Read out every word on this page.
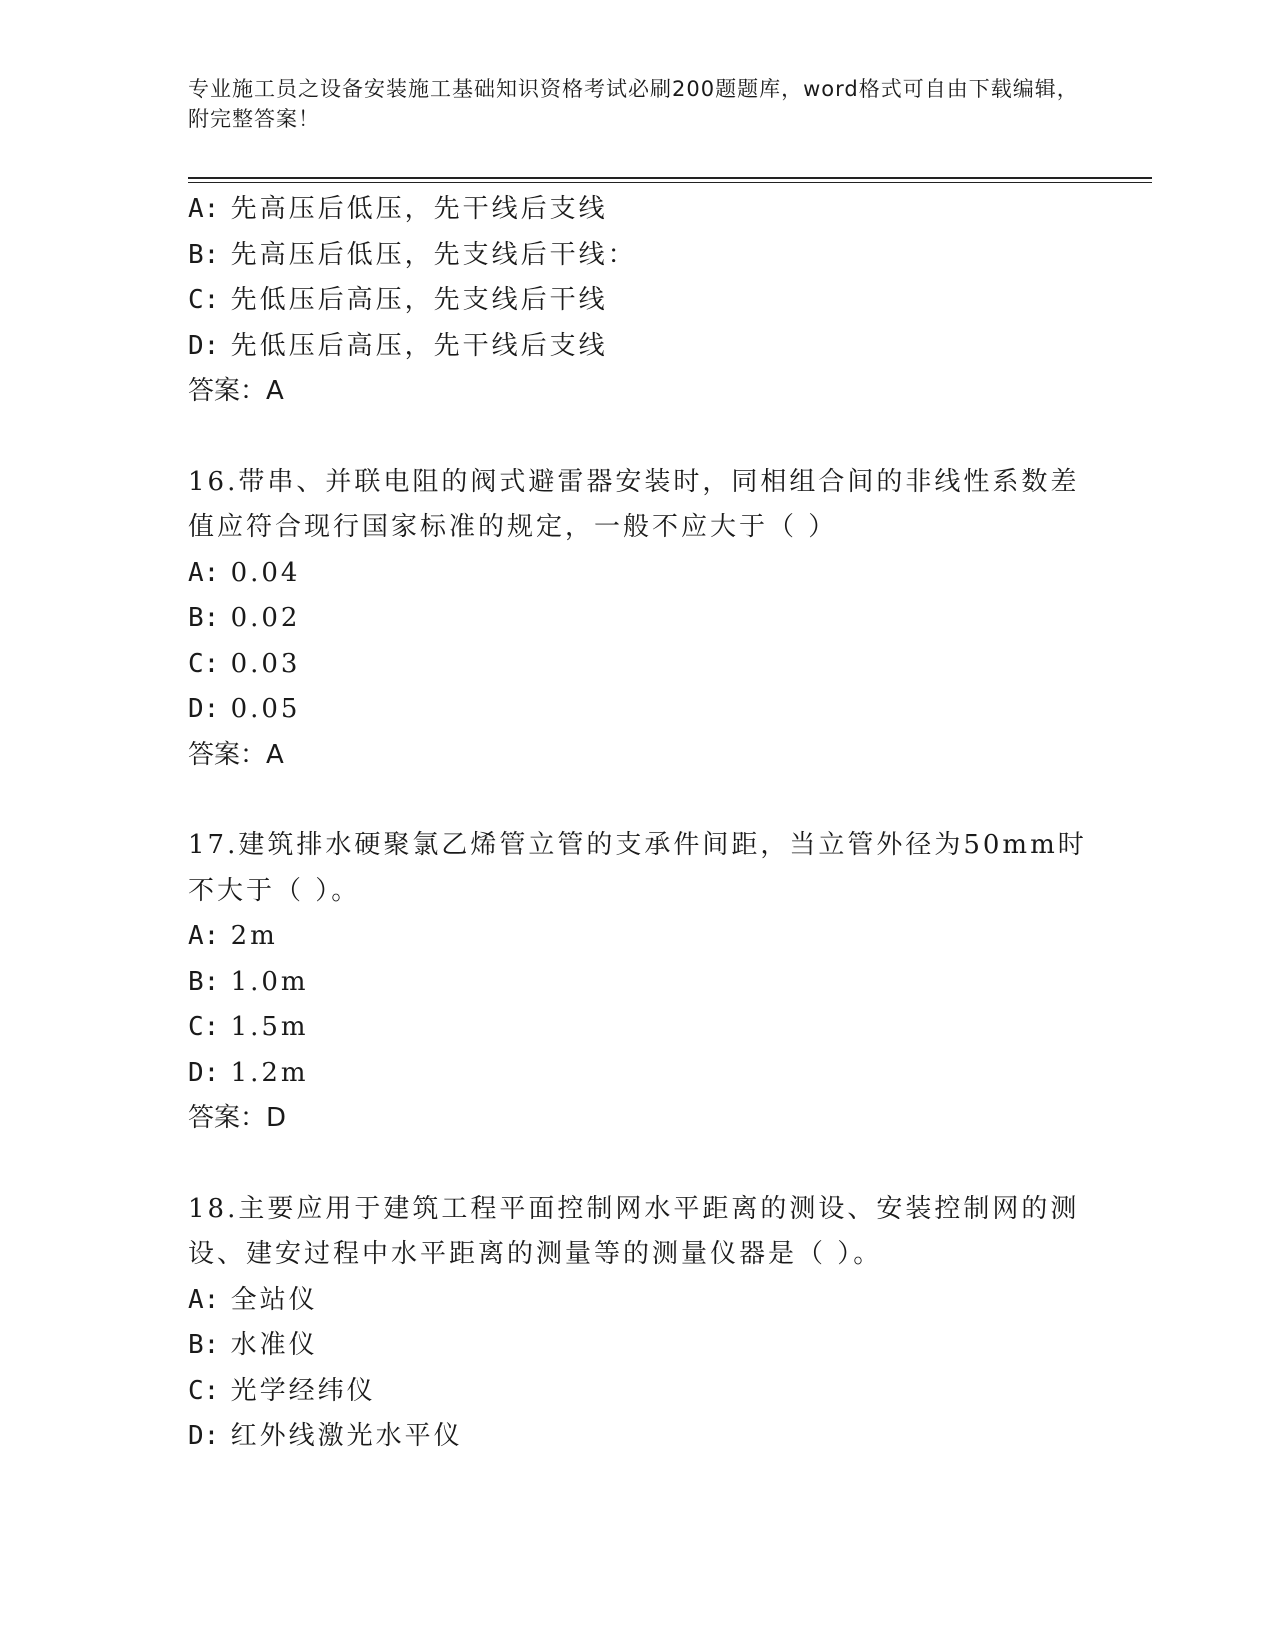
专业施工员之设备安装施工基础知识资格考试必刷200题题库，word格式可自由下载编辑，附完整答案！
A: 先高压后低压，先干线后支线
B: 先高压后低压，先支线后干线：
C: 先低压后高压，先支线后干线
D: 先低压后高压，先干线后支线
答案：A
16.带串、并联电阻的阀式避雷器安装时，同相组合间的非线性系数差值应符合现行国家标准的规定，一般不应大于（ ）
A: 0.04
B: 0.02
C: 0.03
D: 0.05
答案：A
17.建筑排水硬聚氯乙烯管立管的支承件间距，当立管外径为50mm时不大于（ ）。
A: 2m
B: 1.0m
C: 1.5m
D: 1.2m
答案：D
18.主要应用于建筑工程平面控制网水平距离的测设、安装控制网的测设、建安过程中水平距离的测量等的测量仪器是（ ）。
A: 全站仪
B: 水准仪
C: 光学经纬仪
D: 红外线激光水平仪
